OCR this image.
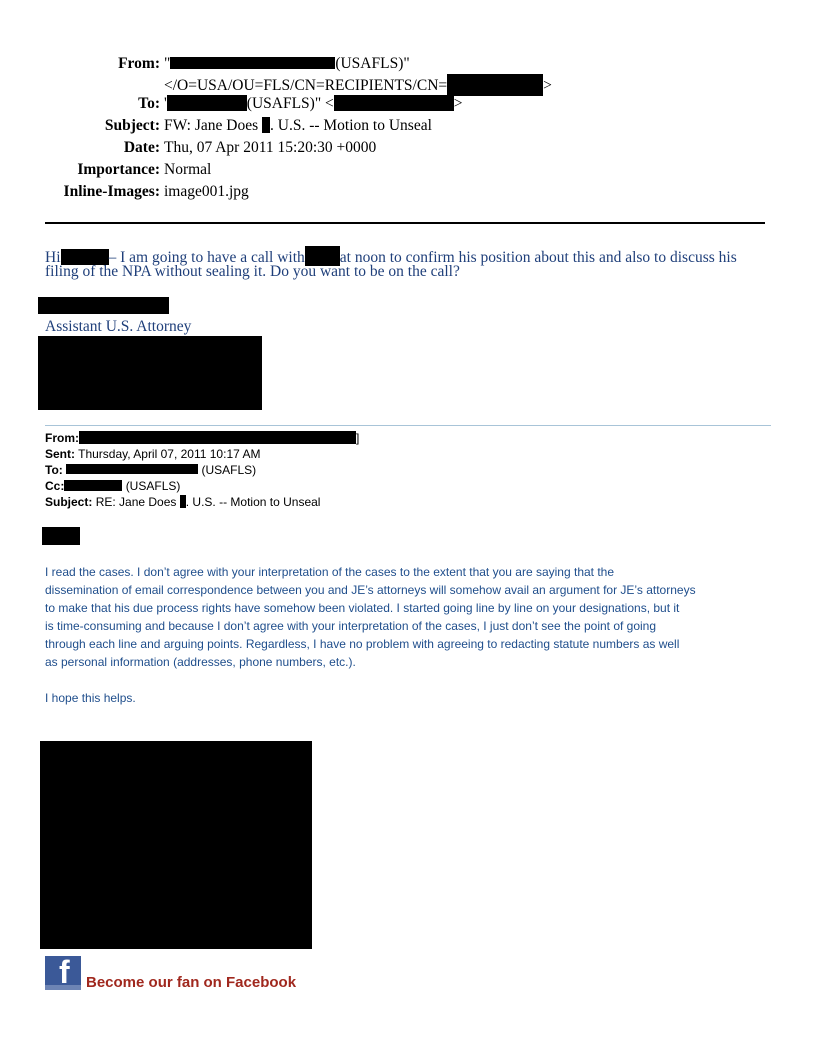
From: "	(USAFLS)"
</O=USA/OU=FLS/CN=RECIPIENTS/CN=	>
To: '	(USAFLS)" <	>
Subject: FW: Jane Does . U.S. -- Motion to Unseal
Date: Thu, 07 Apr 2011 15:20:30 +0000
Importance: Normal
Inline-Images: image001.jpg
Hi	– I am going to have a call with at noon to confirm his position about this and also to discuss his
filing of the NPA without sealing it. Do you want to be on the call?
Assistant U.S. Attorney
From:	]
Sent: Thursday, April 07, 2011 10:17 AM
To:	(USAFLS)
Cc:	(USAFLS)
Subject: RE: Jane Does . U.S. -- Motion to Unseal
I read the cases. I don’t agree with your interpretation of the cases to the extent that you are saying that the
dissemination of email correspondence between you and JE’s attorneys will somehow avail an argument for JE’s attorneys
to make that his due process rights have somehow been violated. I started going line by line on your designations, but it
is time-consuming and because I don’t agree with your interpretation of the cases, I just don’t see the point of going
through each line and arguing points. Regardless, I have no problem with agreeing to redacting statute numbers as well
as personal information (addresses, phone numbers, etc.).
I hope this helps.
f Become our fan on Facebook
